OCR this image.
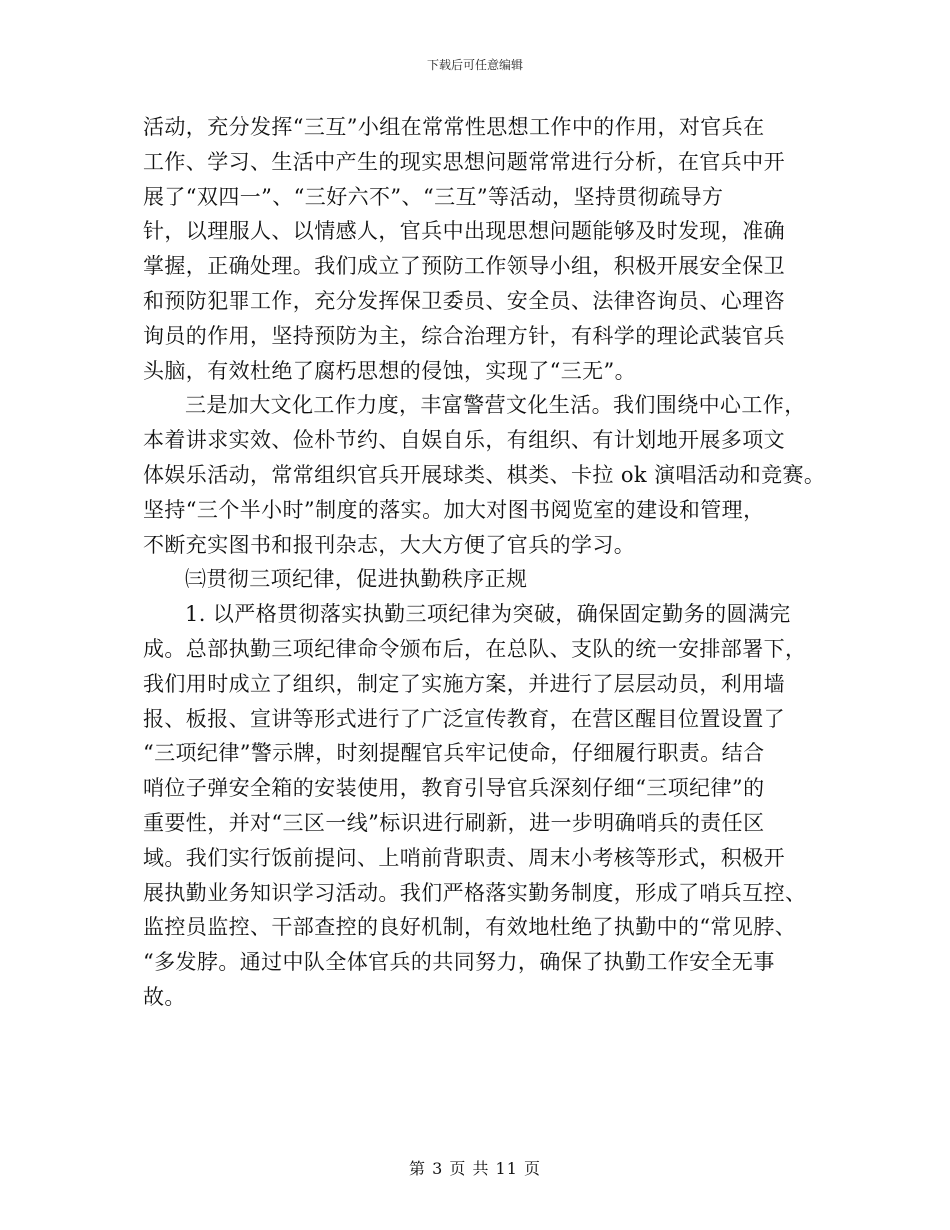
下载后可任意编辑
活动，充分发挥“三互”小组在常常性思想工作中的作用，对官兵在
工作、学习、生活中产生的现实思想问题常常进行分析，在官兵中开
展了“双四一”、“三好六不”、“三互”等活动，坚持贯彻疏导方
针，以理服人、以情感人，官兵中出现思想问题能够及时发现，准确
掌握，正确处理。我们成立了预防工作领导小组，积极开展安全保卫
和预防犯罪工作，充分发挥保卫委员、安全员、法律咨询员、心理咨
询员的作用，坚持预防为主，综合治理方针，有科学的理论武装官兵
头脑，有效杜绝了腐朽思想的侵蚀，实现了“三无”。
三是加大文化工作力度，丰富警营文化生活。我们围绕中心工作，
本着讲求实效、俭朴节约、自娱自乐，有组织、有计划地开展多项文
体娱乐活动，常常组织官兵开展球类、棋类、卡拉 ok 演唱活动和竞赛。
坚持“三个半小时”制度的落实。加大对图书阅览室的建设和管理，
不断充实图书和报刊杂志，大大方便了官兵的学习。
㈢贯彻三项纪律，促进执勤秩序正规
1. 以严格贯彻落实执勤三项纪律为突破，确保固定勤务的圆满完
成。总部执勤三项纪律命令颁布后，在总队、支队的统一安排部署下，
我们用时成立了组织，制定了实施方案，并进行了层层动员，利用墙
报、板报、宣讲等形式进行了广泛宣传教育，在营区醒目位置设置了
“三项纪律”警示牌，时刻提醒官兵牢记使命，仔细履行职责。结合
哨位子弹安全箱的安装使用，教育引导官兵深刻仔细“三项纪律”的
重要性，并对“三区一线”标识进行刷新，进一步明确哨兵的责任区
域。我们实行饭前提问、上哨前背职责、周末小考核等形式，积极开
展执勤业务知识学习活动。我们严格落实勤务制度，形成了哨兵互控、
监控员监控、干部查控的良好机制，有效地杜绝了执勤中的“常见脖、
“多发脖。通过中队全体官兵的共同努力，确保了执勤工作安全无事
故。
第 3 页 共 11 页
